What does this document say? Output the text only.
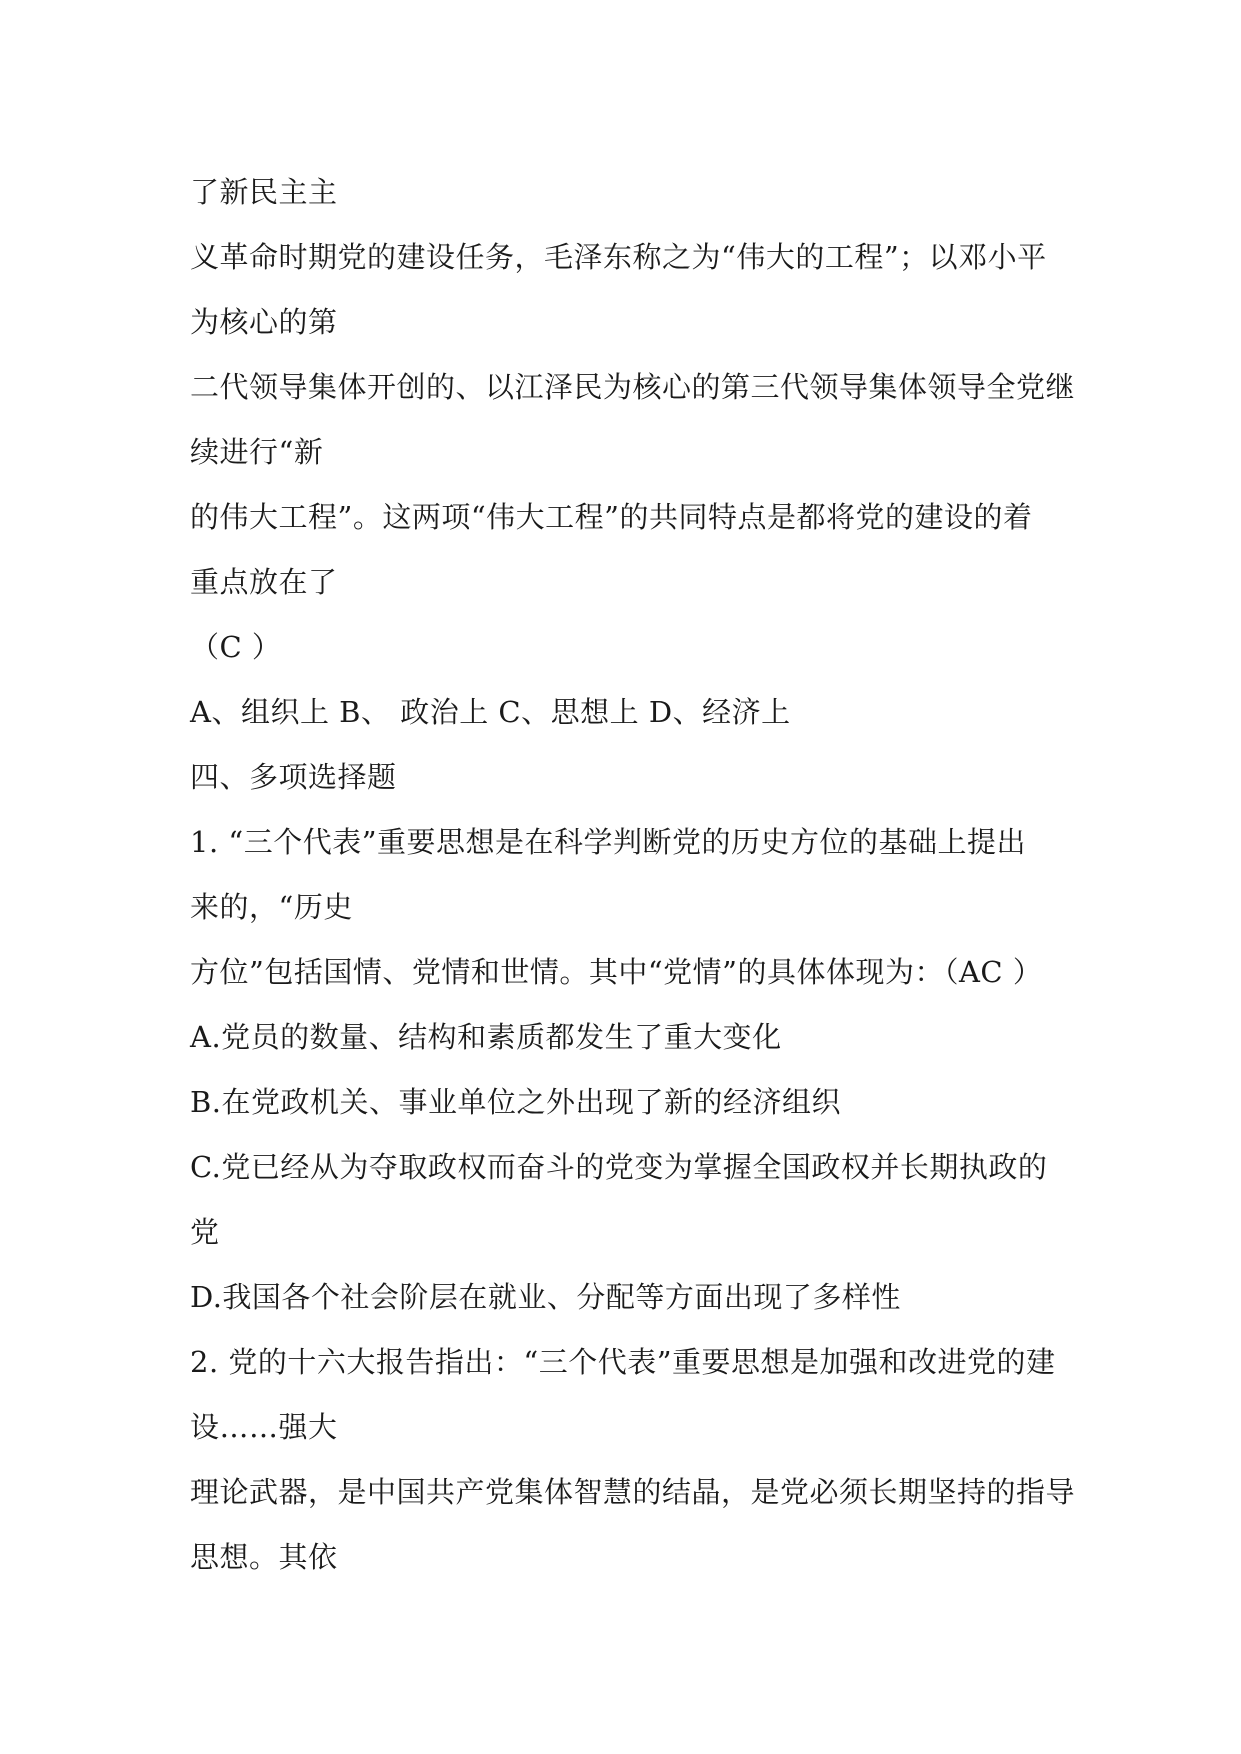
了新民主主
义革命时期党的建设任务，毛泽东称之为“伟大的工程”；以邓小平
为核心的第
二代领导集体开创的、以江泽民为核心的第三代领导集体领导全党继
续进行“新
的伟大工程”。这两项“伟大工程”的共同特点是都将党的建设的着
重点放在了
（C ）
A、组织上 B、 政治上 C、思想上 D、经济上
四、多项选择题
1. “三个代表”重要思想是在科学判断党的历史方位的基础上提出
来的，“历史
方位”包括国情、党情和世情。其中“党情”的具体体现为：（AC ）
A.党员的数量、结构和素质都发生了重大变化
B.在党政机关、事业单位之外出现了新的经济组织
C.党已经从为夺取政权而奋斗的党变为掌握全国政权并长期执政的
党
D.我国各个社会阶层在就业、分配等方面出现了多样性
2. 党的十六大报告指出：“三个代表”重要思想是加强和改进党的建
设……强大
理论武器，是中国共产党集体智慧的结晶，是党必须长期坚持的指导
思想。其依
